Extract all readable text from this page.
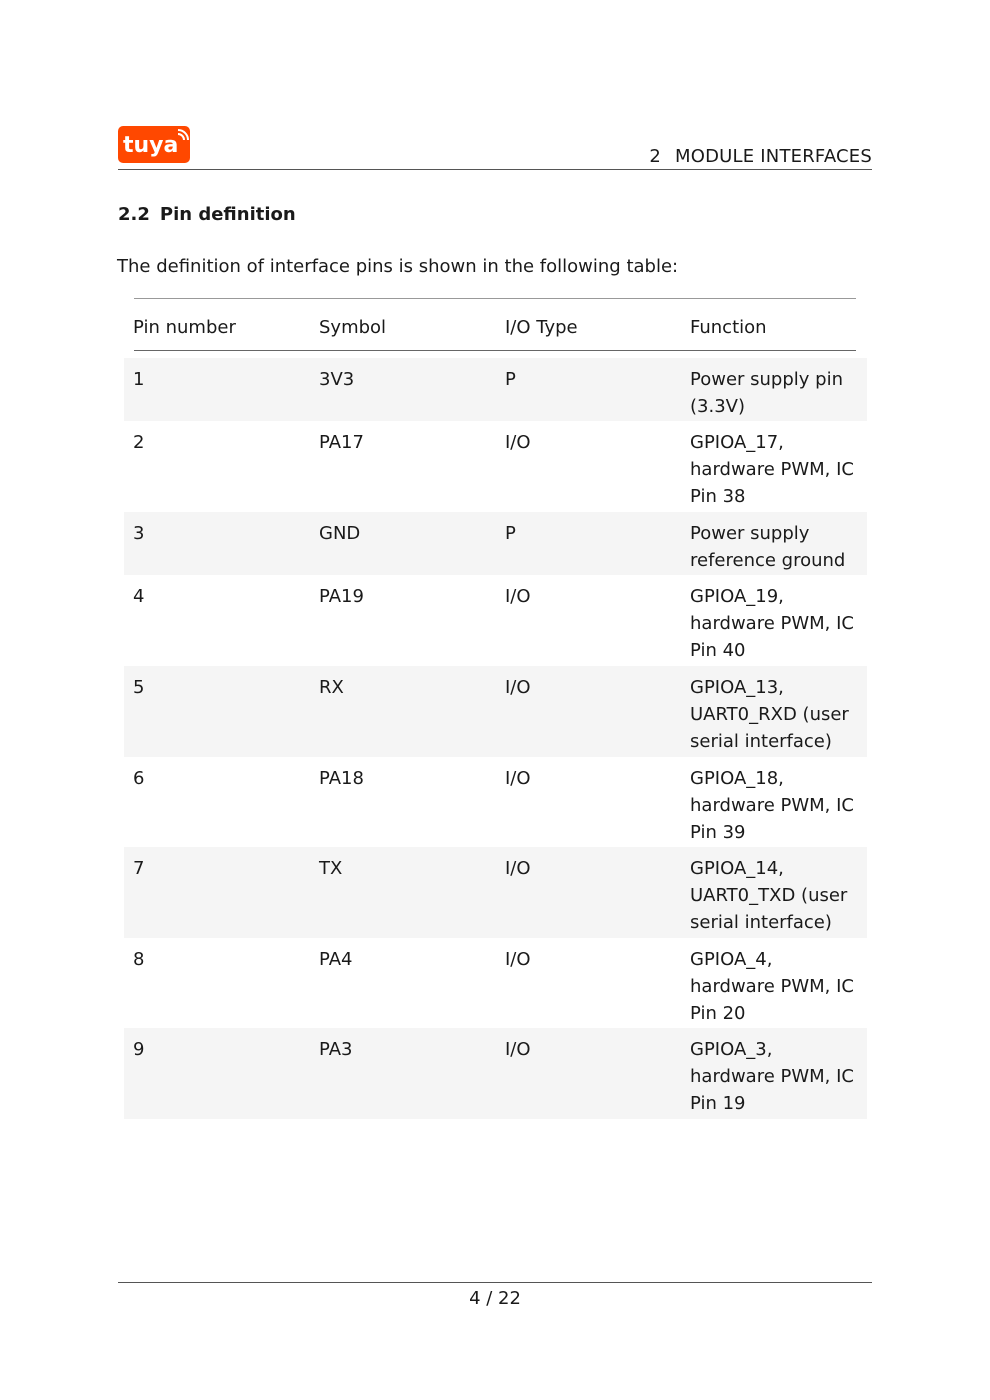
tuya	2 MODULE INTERFACES
2.2 Pin definition
The definition of interface pins is shown in the following table:
Pin number	Symbol	I/O Type	Function
1	3V3	P	Power supply pin
(3.3V)
2	PA17	I/O	GPIOA_17,
hardware PWM, IC
Pin 38
3	GND	P	Power supply
reference ground
4	PA19	I/O	GPIOA_19,
hardware PWM, IC
Pin 40
5	RX	I/O	GPIOA_13,
UART0_RXD (user
serial interface)
6	PA18	I/O	GPIOA_18,
hardware PWM, IC
Pin 39
7	TX	I/O	GPIOA_14,
UART0_TXD (user
serial interface)
8	PA4	I/O	GPIOA_4,
hardware PWM, IC
Pin 20
9	PA3	I/O	GPIOA_3,
hardware PWM, IC
Pin 19
4 / 22
